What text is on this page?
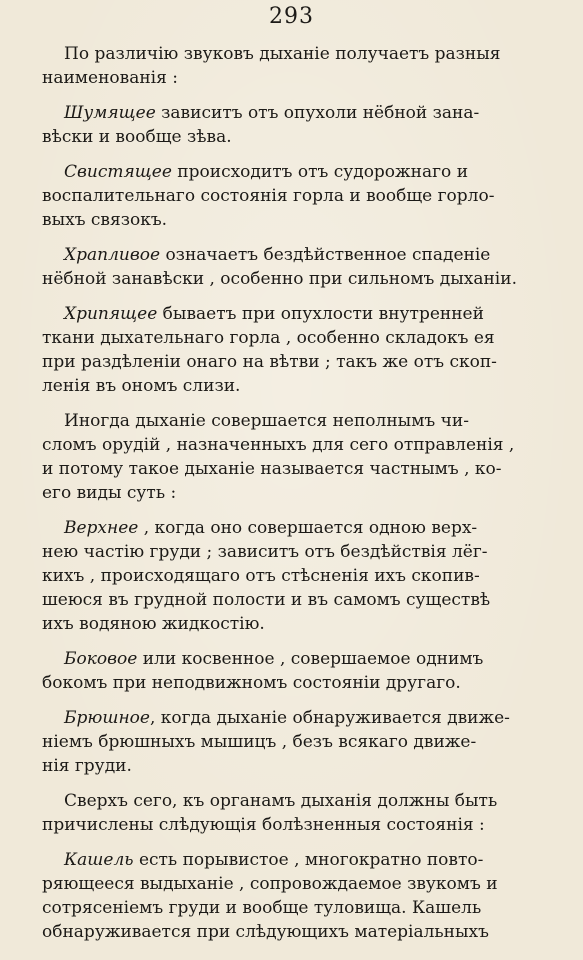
293
По различію звуковъ дыханіе получаетъ разныя
наименованія :
Шумящее зависитъ отъ опухоли нёбной зана-
вѣски и вообще зѣва.
Свистящее происходитъ отъ судорожнаго и
воспалительнаго состоянія горла и вообще горло-
выхъ связокъ.
Храпливое означаетъ бездѣйственное спаденіе
нёбной занавѣски , особенно при сильномъ дыханіи.
Хрипящее бываетъ при опухлости внутренней
ткани дыхательнаго горла , особенно складокъ ея
при раздѣленіи онаго на вѣтви ; такъ же отъ скоп-
ленія въ ономъ слизи.
Иногда дыханіе совершается неполнымъ чи-
сломъ орудій , назначенныхъ для сего отправленія ,
и потому такое дыханіе называется частнымъ , ко-
его виды суть :
Верхнее , когда оно совершается одною верх-
нею частію груди ; зависитъ отъ бездѣйствія лёг-
кихъ , происходящаго отъ стѣсненія ихъ скопив-
шеюся въ грудной полости и въ самомъ существѣ
ихъ водяною жидкостію.
Боковое или косвенное , совершаемое однимъ
бокомъ при неподвижномъ состояніи другаго.
Брюшное, когда дыханіе обнаруживается движе-
ніемъ брюшныхъ мышицъ , безъ всякаго движе-
нія груди.
Сверхъ сего, къ органамъ дыханія должны быть
причислены слѣдующія болѣзненныя состоянія :
Кашель есть порывистое , многократно повто-
ряющееся выдыханіе , сопровождаемое звукомъ и
сотрясеніемъ груди и вообще туловища. Кашель
обнаруживается при слѣдующихъ матеріальныхъ
